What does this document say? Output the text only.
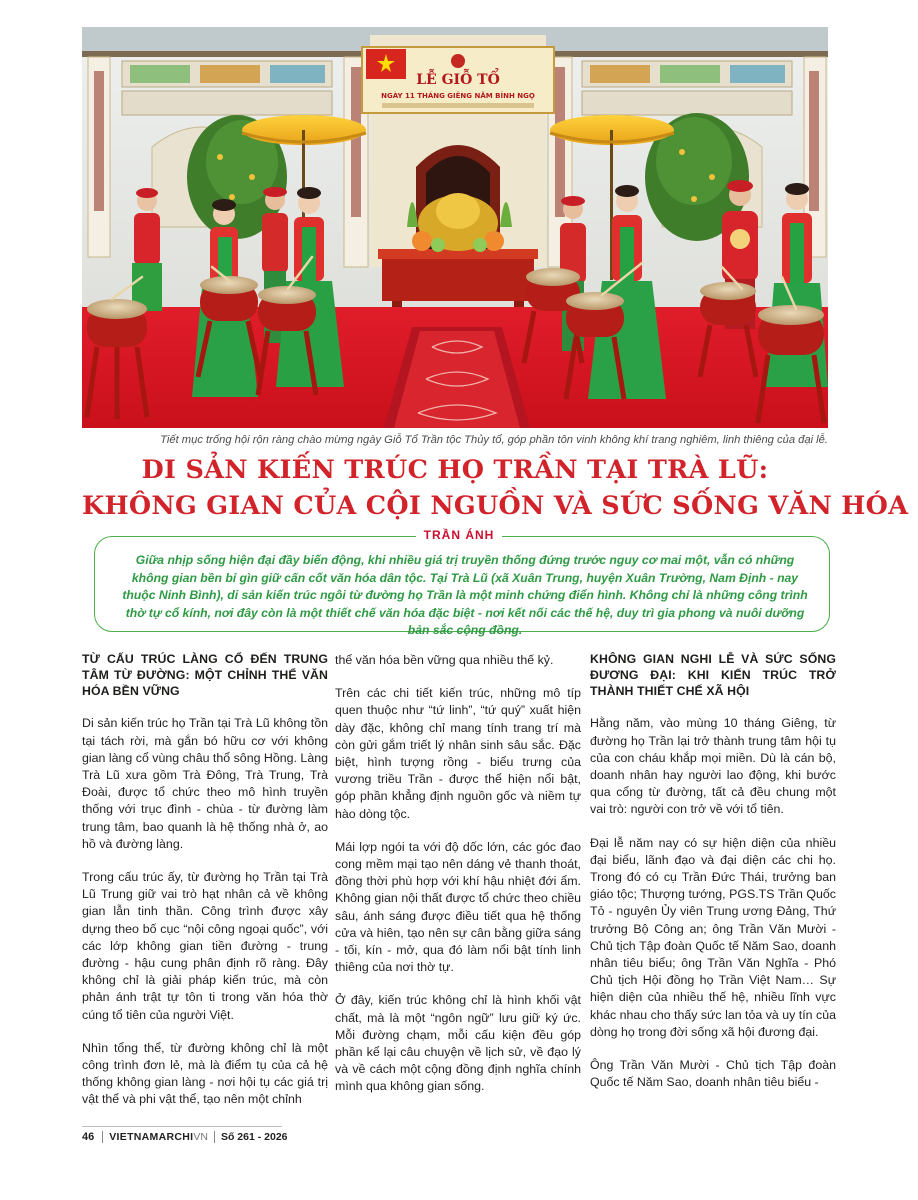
LỄ GIỖ TỔ
NGÀY 11 THÁNG GIÊNG NĂM BÍNH NGỌ
Tiết mục trống hội rộn ràng chào mừng ngày Giỗ Tổ Trần tộc Thủy tổ, góp phần tôn vinh không khí trang nghiêm, linh thiêng của đại lễ.
DI SẢN KIẾN TRÚC HỌ TRẦN TẠI TRÀ LŨ:
KHÔNG GIAN CỦA CỘI NGUỒN VÀ SỨC SỐNG VĂN HÓA
TRẦN ÁNH
Giữa nhịp sống hiện đại đầy biến động, khi nhiều giá trị truyền thống đứng trước nguy cơ mai một, vẫn có những không gian bền bỉ gìn giữ cấn cốt văn hóa dân tộc. Tại Trà Lũ (xã Xuân Trung, huyện Xuân Trường, Nam Định - nay thuộc Ninh Bình), di sản kiến trúc ngôi từ đường họ Trần là một minh chứng điển hình. Không chỉ là những công trình thờ tự cổ kính, nơi đây còn là một thiết chế văn hóa đặc biệt - nơi kết nối các thế hệ, duy trì gia phong và nuôi dưỡng bản sắc cộng đồng.
TỪ CẤU TRÚC LÀNG CỔ ĐẾN TRUNG TÂM TỪ ĐƯỜNG: MỘT CHỈNH THỂ VĂN HÓA BỀN VỮNG

Di sản kiến trúc họ Trần tại Trà Lũ không tồn tại tách rời, mà gắn bó hữu cơ với không gian làng cổ vùng châu thổ sông Hồng. Làng Trà Lũ xưa gồm Trà Đông, Trà Trung, Trà Đoài, được tổ chức theo mô hình truyền thống với trục đình - chùa - từ đường làm trung tâm, bao quanh là hệ thống nhà ở, ao hồ và đường làng.

Trong cấu trúc ấy, từ đường họ Trần tại Trà Lũ Trung giữ vai trò hạt nhân cả về không gian lẫn tinh thần. Công trình được xây dựng theo bố cục “nội công ngoại quốc”, với các lớp không gian tiền đường - trung đường - hậu cung phân định rõ ràng. Đây không chỉ là giải pháp kiến trúc, mà còn phản ánh trật tự tôn ti trong văn hóa thờ cúng tổ tiên của người Việt.

Nhìn tổng thể, từ đường không chỉ là một công trình đơn lẻ, mà là điểm tụ của cả hệ thống không gian làng - nơi hội tụ các giá trị vật thể và phi vật thể, tạo nên một chỉnh

thể văn hóa bền vững qua nhiều thế kỷ.

Trên các chi tiết kiến trúc, những mô típ quen thuộc như “tứ linh”, “tứ quý” xuất hiện dày đặc, không chỉ mang tính trang trí mà còn gửi gắm triết lý nhân sinh sâu sắc. Đặc biệt, hình tượng rồng - biểu trưng của vương triều Trần - được thể hiện nổi bật, góp phần khẳng định nguồn gốc và niềm tự hào dòng tộc.

Mái lợp ngói ta với độ dốc lớn, các góc đao cong mềm mại tạo nên dáng vẻ thanh thoát, đồng thời phù hợp với khí hậu nhiệt đới ẩm. Không gian nội thất được tổ chức theo chiều sâu, ánh sáng được điều tiết qua hệ thống cửa và hiên, tạo nên sự cân bằng giữa sáng - tối, kín - mở, qua đó làm nổi bật tính linh thiêng của nơi thờ tự.

Ở đây, kiến trúc không chỉ là hình khối vật chất, mà là một “ngôn ngữ” lưu giữ ký ức. Mỗi đường chạm, mỗi cấu kiện đều góp phần kể lại câu chuyện về lịch sử, về đạo lý và về cách một cộng đồng định nghĩa chính mình qua không gian sống.

KHÔNG GIAN NGHI LỄ VÀ SỨC SỐNG ĐƯƠNG ĐẠI: KHI KIẾN TRÚC TRỞ THÀNH THIẾT CHẾ XÃ HỘI

Hằng năm, vào mùng 10 tháng Giêng, từ đường họ Trần lại trở thành trung tâm hội tụ của con cháu khắp mọi miền. Dù là cán bộ, doanh nhân hay người lao động, khi bước qua cổng từ đường, tất cả đều chung một vai trò: người con trở về với tổ tiên.

Đại lễ năm nay có sự hiện diện của nhiều đại biểu, lãnh đạo và đại diện các chi họ. Trong đó có cụ Trần Đức Thái, trưởng ban giáo tộc; Thượng tướng, PGS.TS Trần Quốc Tỏ - nguyên Ủy viên Trung ương Đảng, Thứ trưởng Bộ Công an; ông Trần Văn Mười - Chủ tịch Tập đoàn Quốc tế Năm Sao, doanh nhân tiêu biểu; ông Trần Văn Nghĩa - Phó Chủ tịch Hội đồng họ Trần Việt Nam… Sự hiện diện của nhiều thế hệ, nhiều lĩnh vực khác nhau cho thấy sức lan tỏa và uy tín của dòng họ trong đời sống xã hội đương đại.

Ông Trần Văn Mười - Chủ tịch Tập đoàn Quốc tế Năm Sao, doanh nhân tiêu biểu -

46 VIETNAMARCHI VN Số 261 - 2026
